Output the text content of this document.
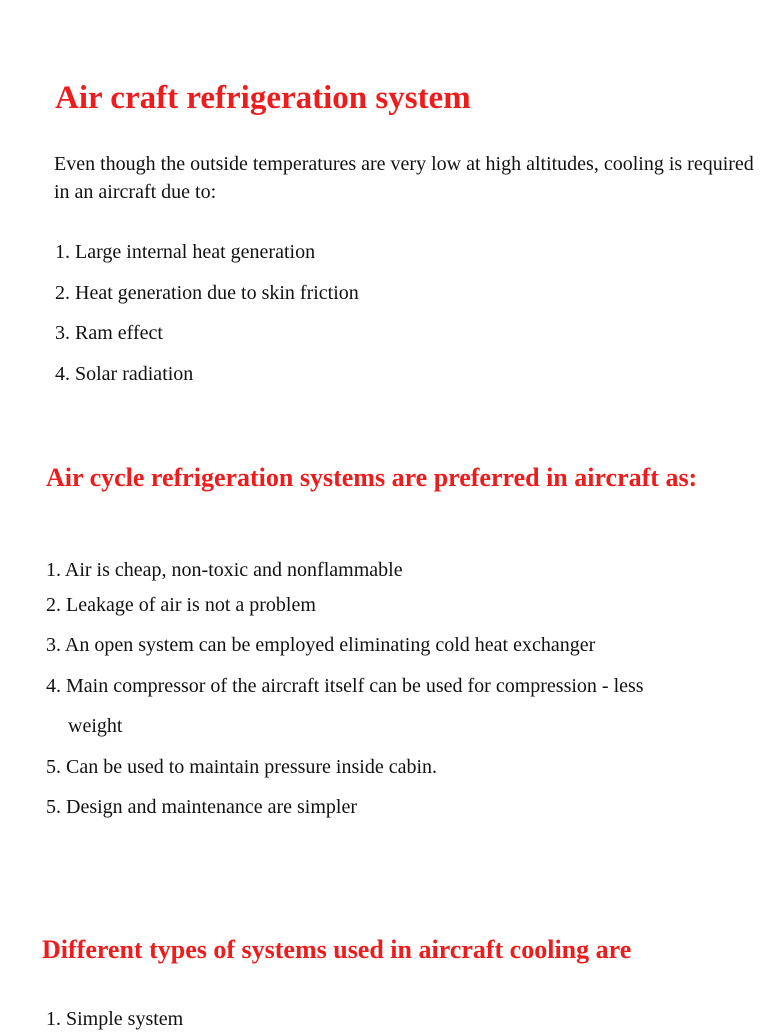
Air craft refrigeration system

Even though the outside temperatures are very low at high altitudes, cooling is required in an aircraft due to:

1. Large internal heat generation
2. Heat generation due to skin friction
3. Ram effect
4. Solar radiation
Air cycle refrigeration systems are preferred in aircraft as:
1. Air is cheap, non-toxic and nonflammable
2. Leakage of air is not a problem
3. An open system can be employed eliminating cold heat exchanger
4. Main compressor of the aircraft itself can be used for compression - less
weight
5. Can be used to maintain pressure inside cabin.
5. Design and maintenance are simpler
Different types of systems used in aircraft cooling are
1. Simple system
